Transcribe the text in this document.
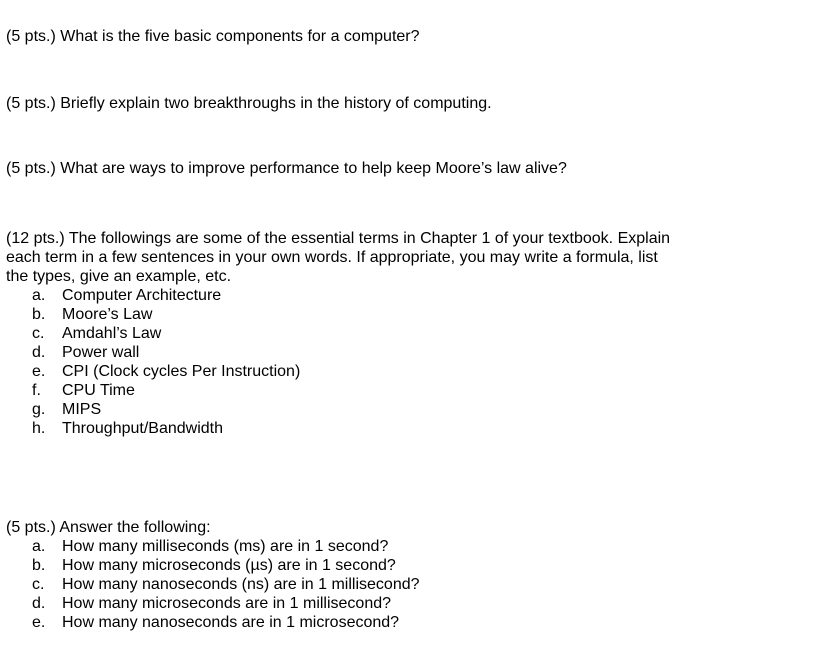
(5 pts.) What is the five basic components for a computer?

(5 pts.) Briefly explain two breakthroughs in the history of computing.

(5 pts.) What are ways to improve performance to help keep Moore’s law alive?

(12 pts.) The followings are some of the essential terms in Chapter 1 of your textbook. Explain
each term in a few sentences in your own words. If appropriate, you may write a formula, list
the types, give an example, etc.
a.	Computer Architecture
b.	Moore’s Law
c.	Amdahl’s Law
d.	Power wall
e.	CPI (Clock cycles Per Instruction)
f.	CPU Time
g.	MIPS
h.	Throughput/Bandwidth

(5 pts.) Answer the following:

a.	How many milliseconds (ms) are in 1 second?
b.	How many microseconds (µs) are in 1 second?
c.	How many nanoseconds (ns) are in 1 millisecond?
d.	How many microseconds are in 1 millisecond?
e.	How many nanoseconds are in 1 microsecond?
